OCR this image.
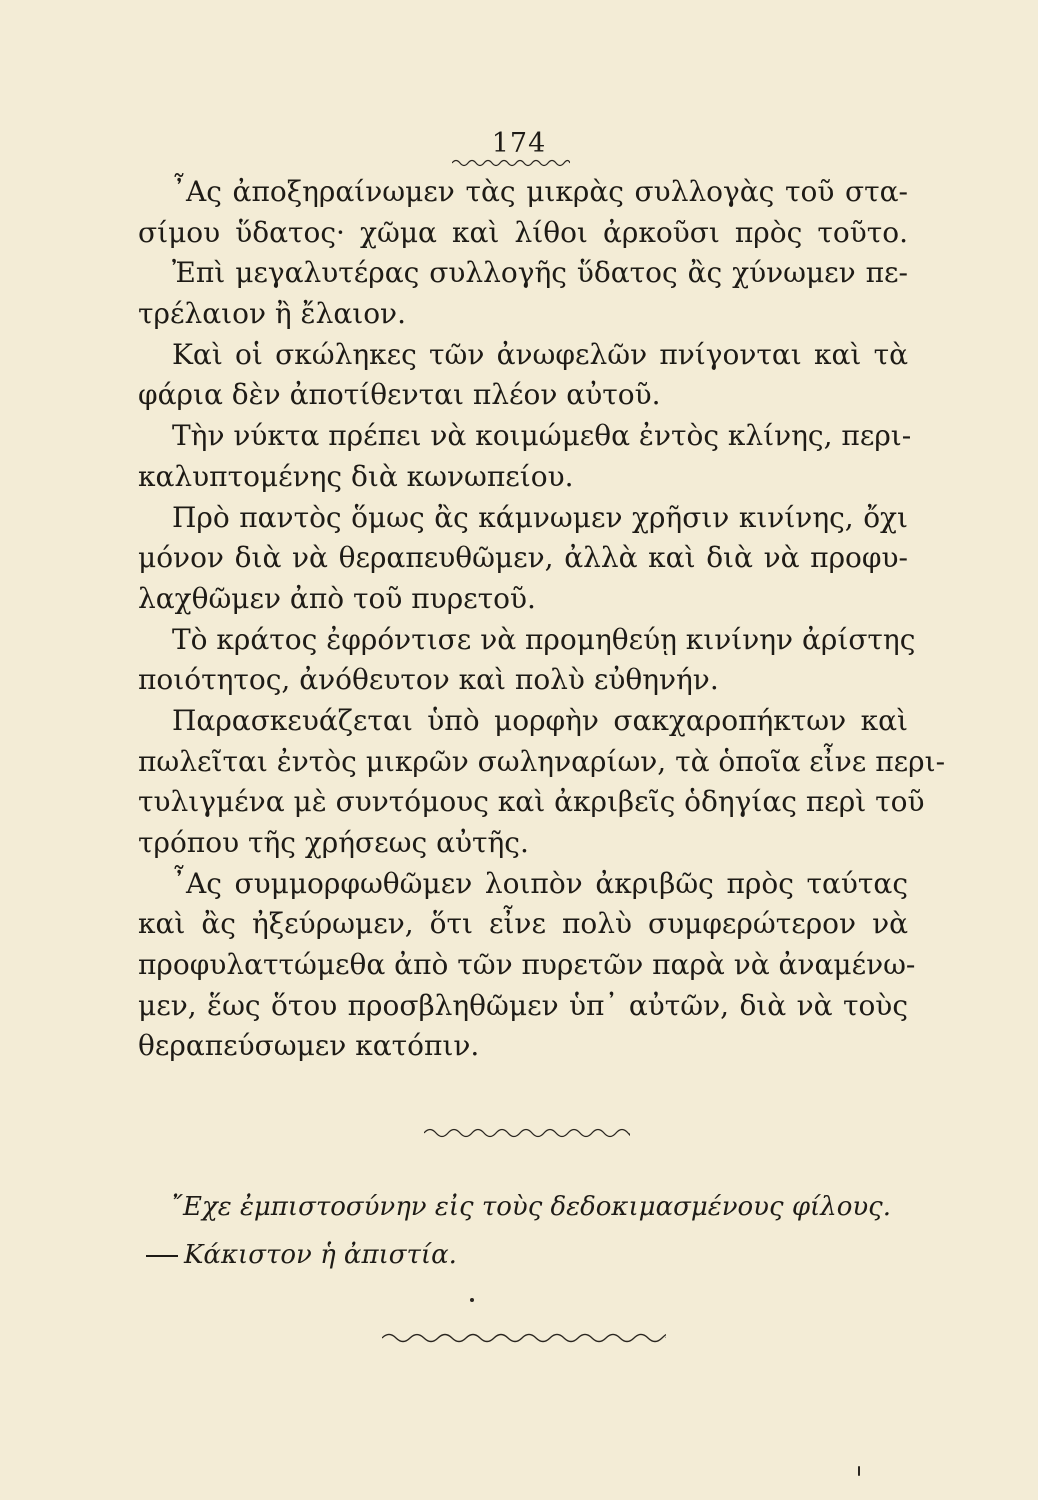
174
῏Ας ἀποξηραίνωμεν τὰς μικρὰς συλλογὰς τοῦ στα-
σίμου ὕδατος· χῶμα καὶ λίθοι ἀρκοῦσι πρὸς τοῦτο.
Ἐπὶ μεγαλυτέρας συλλογῆς ὕδατος ἂς χύνωμεν πε-
τρέλαιον ἢ ἔλαιον.
Καὶ οἱ σκώληκες τῶν ἀνωφελῶν πνίγονται καὶ τὰ
φάρια δὲν ἀποτίθενται πλέον αὐτοῦ.
Τὴν νύκτα πρέπει νὰ κοιμώμεθα ἐντὸς κλίνης, περι-
καλυπτομένης διὰ κωνωπείου.
Πρὸ παντὸς ὅμως ἂς κάμνωμεν χρῆσιν κινίνης, ὄχι
μόνον διὰ νὰ θεραπευθῶμεν, ἀλλὰ καὶ διὰ νὰ προφυ-
λαχθῶμεν ἀπὸ τοῦ πυρετοῦ.
Τὸ κράτος ἐφρόντισε νὰ προμηθεύῃ κινίνην ἀρίστης
ποιότητος, ἀνόθευτον καὶ πολὺ εὐθηνήν.
Παρασκευάζεται ὑπὸ μορφὴν σακχαροπήκτων καὶ
πωλεῖται ἐντὸς μικρῶν σωληναρίων, τὰ ὁποῖα εἶνε περι-
τυλιγμένα μὲ συντόμους καὶ ἀκριβεῖς ὁδηγίας περὶ τοῦ
τρόπου τῆς χρήσεως αὐτῆς.
῏Ας συμμορφωθῶμεν λοιπὸν ἀκριβῶς πρὸς ταύτας
καὶ ἂς ἠξεύρωμεν, ὅτι εἶνε πολὺ συμφερώτερον νὰ
προφυλαττώμεθα ἀπὸ τῶν πυρετῶν παρὰ νὰ ἀναμένω-
μεν, ἕως ὅτου προσβληθῶμεν ὑπ᾿ αὐτῶν, διὰ νὰ τοὺς
θεραπεύσωμεν κατόπιν.
῎Εχε ἐμπιστοσύνην εἰς τοὺς δεδοκιμασμένους φίλους.
Κάκιστον ἡ ἀπιστία.
